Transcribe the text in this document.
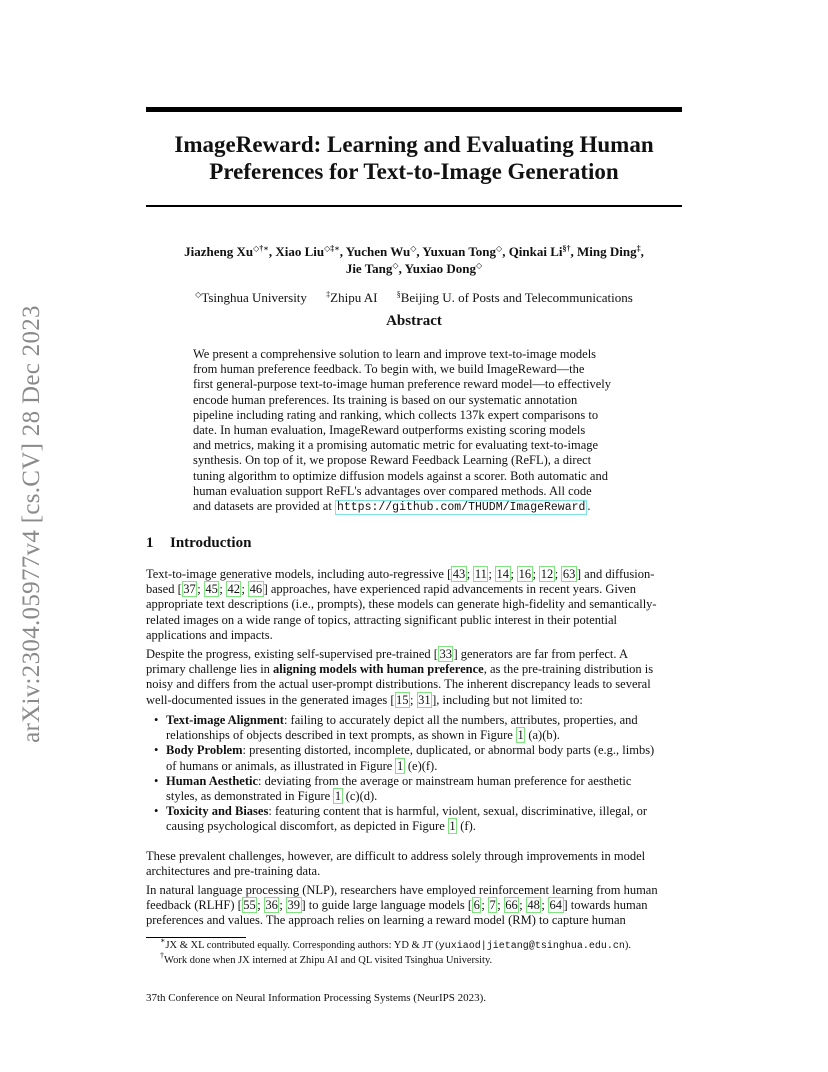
arXiv:2304.05977v4 [cs.CV] 28 Dec 2023
ImageReward: Learning and Evaluating Human
Preferences for Text-to-Image Generation
Jiazheng Xu◇†∗, Xiao Liu◇‡∗, Yuchen Wu◇, Yuxuan Tong◇, Qinkai Li§†, Ming Ding‡,
Jie Tang◇, Yuxiao Dong◇
◇Tsinghua University ‡Zhipu AI §Beijing U. of Posts and Telecommunications
Abstract
We present a comprehensive solution to learn and improve text-to-image models
from human preference feedback. To begin with, we build ImageReward—the
first general-purpose text-to-image human preference reward model—to effectively
encode human preferences. Its training is based on our systematic annotation
pipeline including rating and ranking, which collects 137k expert comparisons to
date. In human evaluation, ImageReward outperforms existing scoring models
and metrics, making it a promising automatic metric for evaluating text-to-image
synthesis. On top of it, we propose Reward Feedback Learning (ReFL), a direct
tuning algorithm to optimize diffusion models against a scorer. Both automatic and
human evaluation support ReFL's advantages over compared methods. All code
and datasets are provided at https://github.com/THUDM/ImageReward .
1 Introduction
Text-to-image generative models, including auto-regressive [ 43 ; 11 ; 14 ; 16 ; 12 ; 63 ] and diffusion-
based [ 37 ; 45 ; 42 ; 46 ] approaches, have experienced rapid advancements in recent years. Given
appropriate text descriptions (i.e., prompts), these models can generate high-fidelity and semantically-
related images on a wide range of topics, attracting significant public interest in their potential
applications and impacts.
Despite the progress, existing self-supervised pre-trained [ 33 ] generators are far from perfect. A
primary challenge lies in aligning models with human preference, as the pre-training distribution is
noisy and differs from the actual user-prompt distributions. The inherent discrepancy leads to several
well-documented issues in the generated images [ 15 ; 31 ], including but not limited to:
• Text-image Alignment: failing to accurately depict all the numbers, attributes, properties, and
relationships of objects described in text prompts, as shown in Figure 1 (a)(b).
• Body Problem: presenting distorted, incomplete, duplicated, or abnormal body parts (e.g., limbs)
of humans or animals, as illustrated in Figure 1 (e)(f).
• Human Aesthetic: deviating from the average or mainstream human preference for aesthetic
styles, as demonstrated in Figure 1 (c)(d).
• Toxicity and Biases: featuring content that is harmful, violent, sexual, discriminative, illegal, or
causing psychological discomfort, as depicted in Figure 1 (f).
These prevalent challenges, however, are difficult to address solely through improvements in model
architectures and pre-training data.
In natural language processing (NLP), researchers have employed reinforcement learning from human
feedback (RLHF) [ 55 ; 36 ; 39 ] to guide large language models [ 6 ; 7 ; 66 ; 48 ; 64 ] towards human
preferences and values. The approach relies on learning a reward model (RM) to capture human
∗JX & XL contributed equally. Corresponding authors: YD & JT (yuxiaod|jietang@tsinghua.edu.cn).
†Work done when JX interned at Zhipu AI and QL visited Tsinghua University.
37th Conference on Neural Information Processing Systems (NeurIPS 2023).
